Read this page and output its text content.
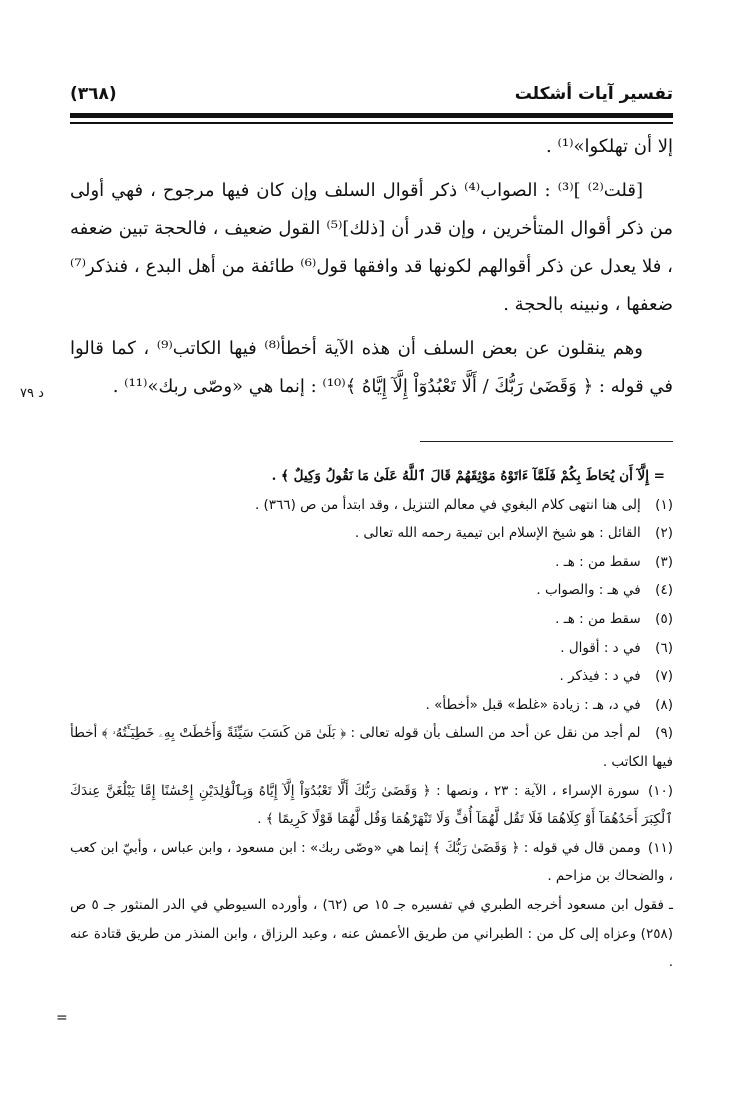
تفسير آيات أشكلت
(٣٦٨)

إلا أن تهلكوا»⁽¹⁾ .

[قلت⁽²⁾ ]⁽³⁾ : الصواب⁽⁴⁾ ذكر أقوال السلف وإن كان فيها مرجوح ، فهي أولى من ذكر أقوال المتأخرين ، وإن قدر أن [ذلك]⁽⁵⁾ القول ضعيف ، فالحجة تبين ضعفه ، فلا يعدل عن ذكر أقوالهم لكونها قد وافقها قول⁽⁶⁾ طائفة من أهل البدع ، فنذكر⁽⁷⁾ ضعفها ، ونبينه بالحجة .

وهم ينقلون عن بعض السلف أن هذه الآية أخطأ⁽⁸⁾ فيها الكاتب⁽⁹⁾ ، كما قالوا في قوله : ﴿ وَقَضَىٰ رَبُّكَ / أَلَّا تَعْبُدُوٓاْ إِلَّآ إِيَّاهُ ﴾⁽¹⁰⁾ : إنما هي «وصّى ربك»⁽¹¹⁾ .

د ٧٩

= إِلَّآ أَن يُحَاطَ بِكُمْ فَلَمَّآ ءَاتَوْهُ مَوْثِقَهُمْ قَالَ ٱللَّهُ عَلَىٰ مَا نَقُولُ وَكِيلٌ ﴾ .

(١) إلى هنا انتهى كلام البغوي في معالم التنزيل ، وقد ابتدأ من ص (٣٦٦) .

(٢) القائل : هو شيخ الإسلام ابن تيمية رحمه الله تعالى .

(٣) سقط من : هـ .

(٤) في هـ : والصواب .

(٥) سقط من : هـ .

(٦) في د : أقوال .

(٧) في د : فيذكر .

(٨) في د، هـ : زيادة «غلط» قبل «أخطأ» .

(٩) لم أجد من نقل عن أحد من السلف بأن قوله تعالى : ﴿ بَلَىٰ مَن كَسَبَ سَيِّئَةً وَأَحَٰطَتْ بِهِۦ خَطِيٓـَٔتُهُۥ ﴾ أخطأ فيها الكاتب .

(١٠) سورة الإسراء ، الآية : ٢٣ ، ونصها : ﴿ وَقَضَىٰ رَبُّكَ أَلَّا تَعْبُدُوٓاْ إِلَّآ إِيَّاهُ وَبِٱلْوَٰلِدَيْنِ إِحْسَٰنًا إِمَّا يَبْلُغَنَّ عِندَكَ ٱلْكِبَرَ أَحَدُهُمَآ أَوْ كِلَاهُمَا فَلَا تَقُل لَّهُمَآ أُفٍّ وَلَا تَنْهَرْهُمَا وَقُل لَّهُمَا قَوْلًا كَرِيمًا ﴾ .

(١١) وممن قال في قوله : ﴿ وَقَضَىٰ رَبُّكَ ﴾ إنما هي «وصّى ربك» : ابن مسعود ، وابن عباس ، وأبيّ ابن كعب ، والضحاك بن مزاحم .

ـ فقول ابن مسعود أخرجه الطبري في تفسيره جـ ١٥ ص (٦٢) ، وأورده السيوطي في الدر المنثور جـ ٥ ص (٢٥٨) وعزاه إلى كل من : الطبراني من طريق الأعمش عنه ، وعبد الرزاق ، وابن المنذر من طريق قتادة عنه .

=
